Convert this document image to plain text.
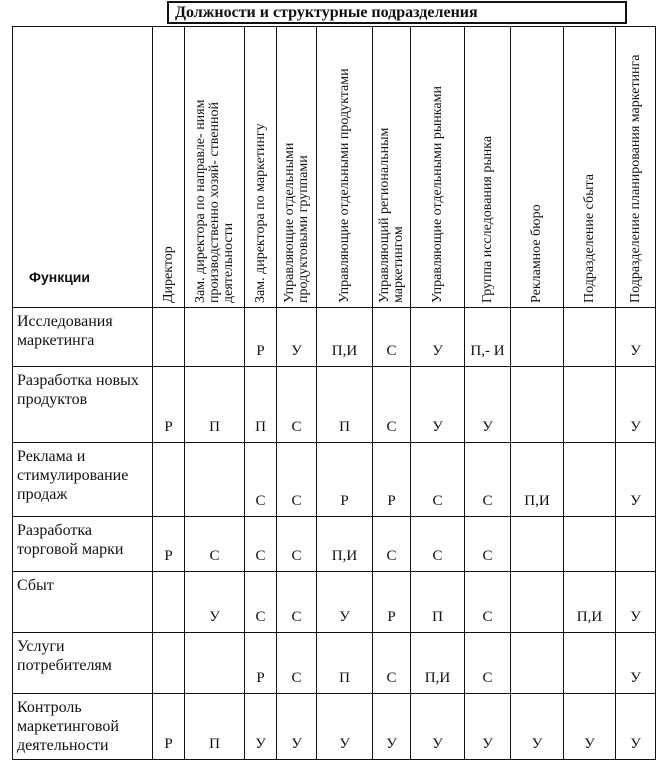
Должности и структурные подразделения
Функции	Директор	Зам. директора по направле- ниям производственно хозяй- ственной деятельности	Зам. директора по маркетингу	Управляющие отдельными продуктовыми группами	Управляющие отдельными продуктами	Управляющий региональным маркетингом	Управляющие отдельными рынками	Группа исследования рынка	Рекламное бюро	Подразделение сбыта	Подразделение планирования маркетинга

Исследования маркетинга			Р	У	П,И	С	У	П,- И			У
Разработка новых продуктов	Р	П	П	С	П	С	У	У			У
Реклама и стимулирование продаж			С	С	Р	Р	С	С	П,И		У
Разработка торговой марки	Р	С	С	С	П,И	С	С	С			
Сбыт		У	С	С	У	Р	П	С		П,И	У
Услуги потребителям			Р	С	П	С	П,И	С			У
Контроль маркетинговой деятельности	Р	П	У	У	У	У	У	У	У	У	У
